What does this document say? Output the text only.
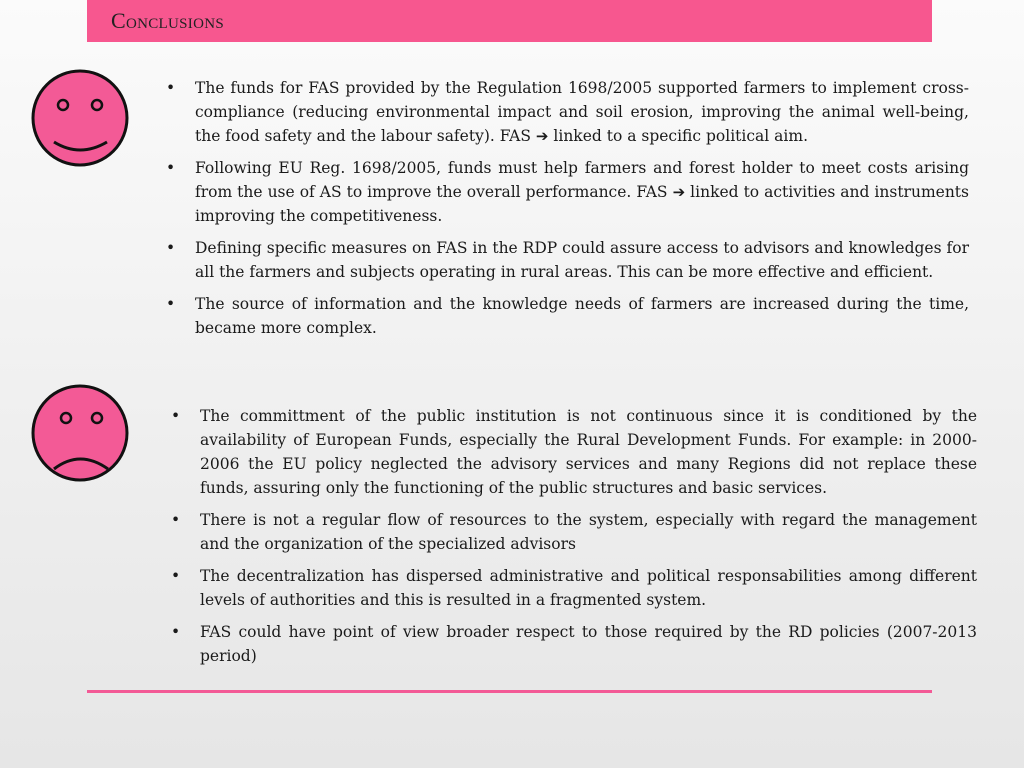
Conclusions
• The funds for FAS provided by the Regulation 1698/2005 supported farmers to implement cross-compliance (reducing environmental impact and soil erosion, improving the animal well-being, the food safety and the labour safety). FAS ➔ linked to a specific political aim.
• Following EU Reg. 1698/2005, funds must help farmers and forest holder to meet costs arising from the use of AS to improve the overall performance. FAS ➔ linked to activities and instruments improving the competitiveness.
• Defining specific measures on FAS in the RDP could assure access to advisors and knowledges for all the farmers and subjects operating in rural areas. This can be more effective and efficient.
• The source of information and the knowledge needs of farmers are increased during the time, became more complex.
• The committment of the public institution is not continuous since it is conditioned by the availability of European Funds, especially the Rural Development Funds. For example: in 2000-2006 the EU policy neglected the advisory services and many Regions did not replace these funds, assuring only the functioning of the public structures and basic services.
• There is not a regular flow of resources to the system, especially with regard the management and the organization of the specialized advisors
• The decentralization has dispersed administrative and political responsabilities among different levels of authorities and this is resulted in a fragmented system.
• FAS could have point of view broader respect to those required by the RD policies (2007-2013 period)
